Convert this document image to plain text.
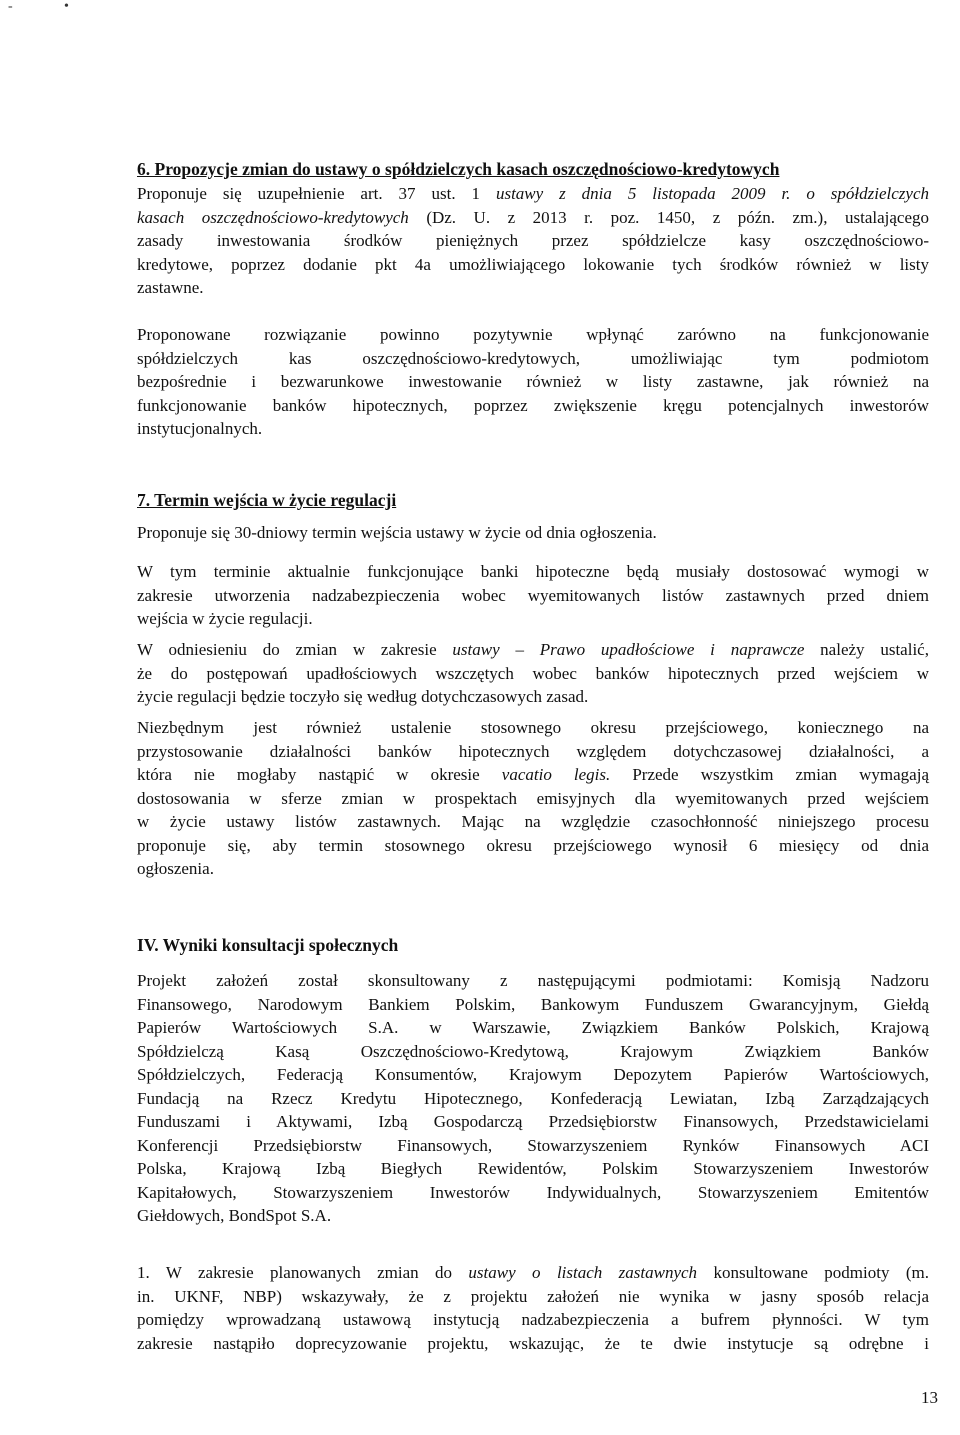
-	•
6. Propozycje zmian do ustawy o spółdzielczych kasach oszczędnościowo-kredytowych
Proponuje się uzupełnienie art. 37 ust. 1 ustawy z dnia 5 listopada 2009 r. o spółdzielczych
kasach oszczędnościowo-kredytowych (Dz. U. z 2013 r. poz. 1450, z późn. zm.), ustalającego
zasady inwestowania środków pieniężnych przez spółdzielcze kasy oszczędnościowo-
kredytowe, poprzez dodanie pkt 4a umożliwiającego lokowanie tych środków również w listy
zastawne.
Proponowane rozwiązanie powinno pozytywnie wpłynąć zarówno na funkcjonowanie
spółdzielczych kas oszczędnościowo-kredytowych, umożliwiając tym podmiotom
bezpośrednie i bezwarunkowe inwestowanie również w listy zastawne, jak również na
funkcjonowanie banków hipotecznych, poprzez zwiększenie kręgu potencjalnych inwestorów
instytucjonalnych.
7. Termin wejścia w życie regulacji
Proponuje się 30-dniowy termin wejścia ustawy w życie od dnia ogłoszenia.
W tym terminie aktualnie funkcjonujące banki hipoteczne będą musiały dostosować wymogi w
zakresie utworzenia nadzabezpieczenia wobec wyemitowanych listów zastawnych przed dniem
wejścia w życie regulacji.
W odniesieniu do zmian w zakresie ustawy – Prawo upadłościowe i naprawcze należy ustalić,
że do postępowań upadłościowych wszczętych wobec banków hipotecznych przed wejściem w
życie regulacji będzie toczyło się według dotychczasowych zasad.
Niezbędnym jest również ustalenie stosownego okresu przejściowego, koniecznego na
przystosowanie działalności banków hipotecznych względem dotychczasowej działalności, a
która nie mogłaby nastąpić w okresie vacatio legis. Przede wszystkim zmian wymagają
dostosowania w sferze zmian w prospektach emisyjnych dla wyemitowanych przed wejściem
w życie ustawy listów zastawnych. Mając na względzie czasochłonność niniejszego procesu
proponuje się, aby termin stosownego okresu przejściowego wynosił 6 miesięcy od dnia
ogłoszenia.
IV. Wyniki konsultacji społecznych
Projekt założeń został skonsultowany z następującymi podmiotami: Komisją Nadzoru
Finansowego, Narodowym Bankiem Polskim, Bankowym Funduszem Gwarancyjnym, Giełdą
Papierów Wartościowych S.A. w Warszawie, Związkiem Banków Polskich, Krajową
Spółdzielczą Kasą Oszczędnościowo-Kredytową, Krajowym Związkiem Banków
Spółdzielczych, Federacją Konsumentów, Krajowym Depozytem Papierów Wartościowych,
Fundacją na Rzecz Kredytu Hipotecznego, Konfederacją Lewiatan, Izbą Zarządzających
Funduszami i Aktywami, Izbą Gospodarczą Przedsiębiorstw Finansowych, Przedstawicielami
Konferencji Przedsiębiorstw Finansowych, Stowarzyszeniem Rynków Finansowych ACI
Polska, Krajową Izbą Biegłych Rewidentów, Polskim Stowarzyszeniem Inwestorów
Kapitałowych, Stowarzyszeniem Inwestorów Indywidualnych, Stowarzyszeniem Emitentów
Giełdowych, BondSpot S.A.
1. W zakresie planowanych zmian do ustawy o listach zastawnych konsultowane podmioty (m.
in. UKNF, NBP) wskazywały, że z projektu założeń nie wynika w jasny sposób relacja
pomiędzy wprowadzaną ustawową instytucją nadzabezpieczenia a bufrem płynności. W tym
zakresie nastąpiło doprecyzowanie projektu, wskazując, że te dwie instytucje są odrębne i
13
